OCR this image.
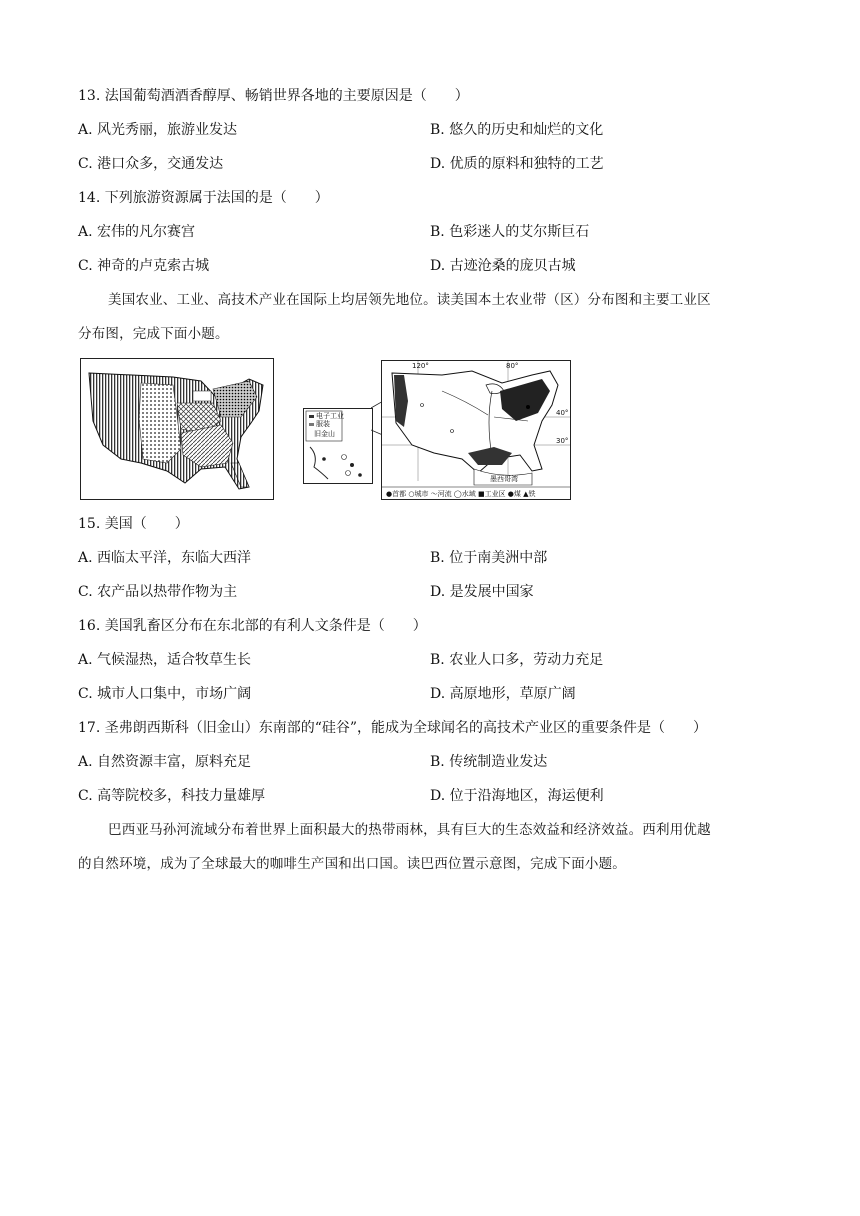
13. 法国葡萄酒酒香醇厚、畅销世界各地的主要原因是（　　）
A. 风光秀丽，旅游业发达	B. 悠久的历史和灿烂的文化
C. 港口众多，交通发达	D. 优质的原料和独特的工艺
14. 下列旅游资源属于法国的是（　　）
A. 宏伟的凡尔赛宫	B. 色彩迷人的艾尔斯巨石
C. 神奇的卢克索古城	D. 古迹沧桑的庞贝古城
美国农业、工业、高技术产业在国际上均居领先地位。读美国本土农业带（区）分布图和主要工业区
分布图，完成下面小题。
电子工业
服装
旧金山
120°	80°
40°
30°
墨西哥湾
●首都 ○城市 〜河流 ◯水域 ■工业区 ●煤 ▲铁
15. 美国（　　）
A. 西临太平洋，东临大西洋	B. 位于南美洲中部
C. 农产品以热带作物为主	D. 是发展中国家
16. 美国乳畜区分布在东北部的有利人文条件是（　　）
A. 气候湿热，适合牧草生长	B. 农业人口多，劳动力充足
C. 城市人口集中，市场广阔	D. 高原地形，草原广阔
17. 圣弗朗西斯科（旧金山）东南部的“硅谷”，能成为全球闻名的高技术产业区的重要条件是（　　）
A. 自然资源丰富，原料充足	B. 传统制造业发达
C. 高等院校多，科技力量雄厚	D. 位于沿海地区，海运便利
巴西亚马孙河流域分布着世界上面积最大的热带雨林，具有巨大的生态效益和经济效益。西利用优越
的自然环境，成为了全球最大的咖啡生产国和出口国。读巴西位置示意图，完成下面小题。
